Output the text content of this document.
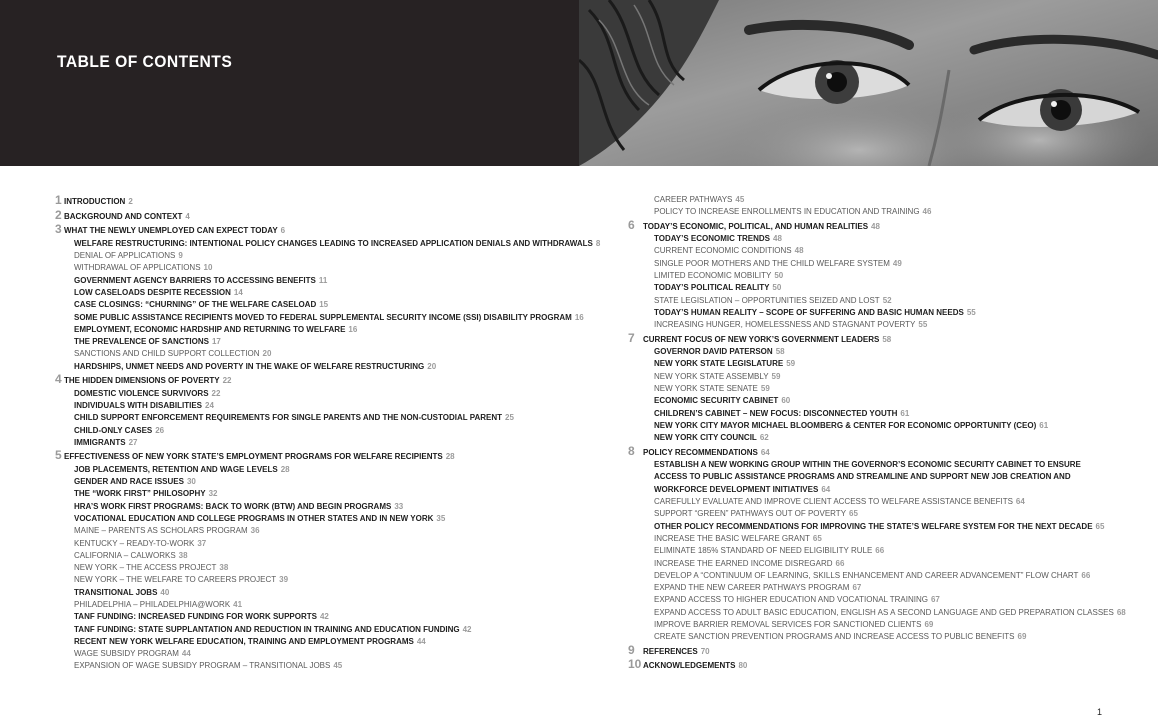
TABLE OF CONTENTS
1 INTRODUCTION 2
2 BACKGROUND AND CONTEXT 4
3 WHAT THE NEWLY UNEMPLOYED CAN EXPECT TODAY 6
WELFARE RESTRUCTURING: INTENTIONAL POLICY CHANGES LEADING TO INCREASED APPLICATION DENIALS AND WITHDRAWALS 8
DENIAL OF APPLICATIONS 9
WITHDRAWAL OF APPLICATIONS 10
GOVERNMENT AGENCY BARRIERS TO ACCESSING BENEFITS 11
LOW CASELOADS DESPITE RECESSION 14
CASE CLOSINGS: “CHURNING” OF THE WELFARE CASELOAD 15
SOME PUBLIC ASSISTANCE RECIPIENTS MOVED TO FEDERAL SUPPLEMENTAL SECURITY INCOME (SSI) DISABILITY PROGRAM 16
EMPLOYMENT, ECONOMIC HARDSHIP AND RETURNING TO WELFARE 16
THE PREVALENCE OF SANCTIONS 17
SANCTIONS AND CHILD SUPPORT COLLECTION 20
HARDSHIPS, UNMET NEEDS AND POVERTY IN THE WAKE OF WELFARE RESTRUCTURING 20
4 THE HIDDEN DIMENSIONS OF POVERTY 22
DOMESTIC VIOLENCE SURVIVORS 22
INDIVIDUALS WITH DISABILITIES 24
CHILD SUPPORT ENFORCEMENT REQUIREMENTS FOR SINGLE PARENTS AND THE NON-CUSTODIAL PARENT 25
CHILD-ONLY CASES 26
IMMIGRANTS 27
5 EFFECTIVENESS OF NEW YORK STATE’S EMPLOYMENT PROGRAMS FOR WELFARE RECIPIENTS 28
JOB PLACEMENTS, RETENTION AND WAGE LEVELS 28
GENDER AND RACE ISSUES 30
THE “WORK FIRST” PHILOSOPHY 32
HRA’S WORK FIRST PROGRAMS: BACK TO WORK (BTW) AND BEGIN PROGRAMS 33
VOCATIONAL EDUCATION AND COLLEGE PROGRAMS IN OTHER STATES AND IN NEW YORK 35
MAINE – PARENTS AS SCHOLARS PROGRAM 36
KENTUCKY – READY-TO-WORK 37
CALIFORNIA – CALWORKS 38
NEW YORK – THE ACCESS PROJECT 38
NEW YORK – THE WELFARE TO CAREERS PROJECT 39
TRANSITIONAL JOBS 40
PHILADELPHIA – PHILADELPHIA@WORK 41
TANF FUNDING: INCREASED FUNDING FOR WORK SUPPORTS 42
TANF FUNDING: STATE SUPPLANTATION AND REDUCTION IN TRAINING AND EDUCATION FUNDING 42
RECENT NEW YORK WELFARE EDUCATION, TRAINING AND EMPLOYMENT PROGRAMS 44
WAGE SUBSIDY PROGRAM 44
EXPANSION OF WAGE SUBSIDY PROGRAM – TRANSITIONAL JOBS 45
CAREER PATHWAYS 45
POLICY TO INCREASE ENROLLMENTS IN EDUCATION AND TRAINING 46
6 TODAY’S ECONOMIC, POLITICAL, AND HUMAN REALITIES 48
TODAY’S ECONOMIC TRENDS 48
CURRENT ECONOMIC CONDITIONS 48
SINGLE POOR MOTHERS AND THE CHILD WELFARE SYSTEM 49
LIMITED ECONOMIC MOBILITY 50
TODAY’S POLITICAL REALITY 50
STATE LEGISLATION – OPPORTUNITIES SEIZED AND LOST 52
TODAY’S HUMAN REALITY – SCOPE OF SUFFERING AND BASIC HUMAN NEEDS 55
INCREASING HUNGER, HOMELESSNESS AND STAGNANT POVERTY 55
7 CURRENT FOCUS OF NEW YORK’S GOVERNMENT LEADERS 58
GOVERNOR DAVID PATERSON 58
NEW YORK STATE LEGISLATURE 59
NEW YORK STATE ASSEMBLY 59
NEW YORK STATE SENATE 59
ECONOMIC SECURITY CABINET 60
CHILDREN’S CABINET – NEW FOCUS: DISCONNECTED YOUTH 61
NEW YORK CITY MAYOR MICHAEL BLOOMBERG & CENTER FOR ECONOMIC OPPORTUNITY (CEO) 61
NEW YORK CITY COUNCIL 62
8 POLICY RECOMMENDATIONS 64
ESTABLISH A NEW WORKING GROUP WITHIN THE GOVERNOR’S ECONOMIC SECURITY CABINET TO ENSURE ACCESS TO PUBLIC ASSISTANCE PROGRAMS AND STREAMLINE AND SUPPORT NEW JOB CREATION AND WORKFORCE DEVELOPMENT INITIATIVES 64
CAREFULLY EVALUATE AND IMPROVE CLIENT ACCESS TO WELFARE ASSISTANCE BENEFITS 64
SUPPORT “GREEN” PATHWAYS OUT OF POVERTY 65
OTHER POLICY RECOMMENDATIONS FOR IMPROVING THE STATE’S WELFARE SYSTEM FOR THE NEXT DECADE 65
INCREASE THE BASIC WELFARE GRANT 65
ELIMINATE 185% STANDARD OF NEED ELIGIBILITY RULE 66
INCREASE THE EARNED INCOME DISREGARD 66
DEVELOP A “CONTINUUM OF LEARNING, SKILLS ENHANCEMENT AND CAREER ADVANCEMENT” FLOW CHART 66
EXPAND THE NEW CAREER PATHWAYS PROGRAM 67
EXPAND ACCESS TO HIGHER EDUCATION AND VOCATIONAL TRAINING 67
EXPAND ACCESS TO ADULT BASIC EDUCATION, ENGLISH AS A SECOND LANGUAGE AND GED PREPARATION CLASSES 68
IMPROVE BARRIER REMOVAL SERVICES FOR SANCTIONED CLIENTS 69
CREATE SANCTION PREVENTION PROGRAMS AND INCREASE ACCESS TO PUBLIC BENEFITS 69
9 REFERENCES 70
10 ACKNOWLEDGEMENTS 80
1
